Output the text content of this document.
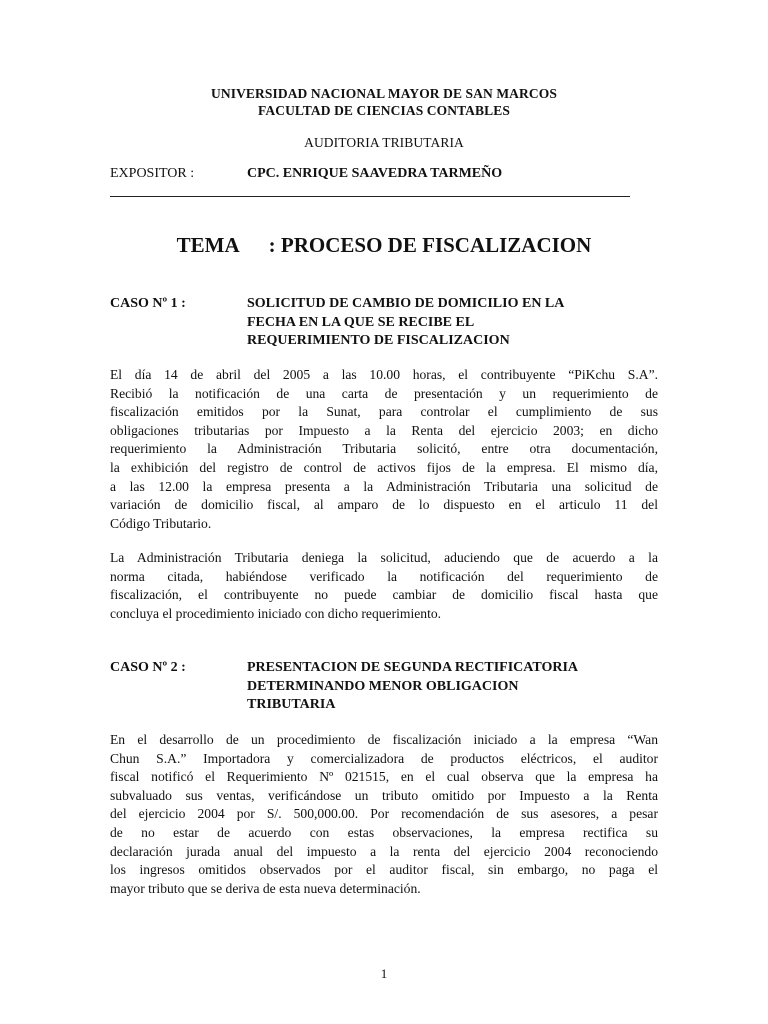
UNIVERSIDAD NACIONAL MAYOR DE SAN MARCOS
FACULTAD DE CIENCIAS CONTABLES
AUDITORIA TRIBUTARIA
EXPOSITOR :	CPC. ENRIQUE SAAVEDRA TARMEÑO
TEMA : PROCESO DE FISCALIZACION
CASO Nº 1 :	SOLICITUD DE CAMBIO DE DOMICILIO EN LA
FECHA EN LA QUE SE RECIBE EL
REQUERIMIENTO DE FISCALIZACION
El día 14 de abril del 2005 a las 10.00 horas, el contribuyente “PiKchu S.A”.
Recibió la notificación de una carta de presentación y un requerimiento de
fiscalización emitidos por la Sunat, para controlar el cumplimiento de sus
obligaciones tributarias por Impuesto a la Renta del ejercicio 2003; en dicho
requerimiento la Administración Tributaria solicitó, entre otra documentación,
la exhibición del registro de control de activos fijos de la empresa. El mismo día,
a las 12.00 la empresa presenta a la Administración Tributaria una solicitud de
variación de domicilio fiscal, al amparo de lo dispuesto en el articulo 11 del
Código Tributario.
La Administración Tributaria deniega la solicitud, aduciendo que de acuerdo a la
norma citada, habiéndose verificado la notificación del requerimiento de
fiscalización, el contribuyente no puede cambiar de domicilio fiscal hasta que
concluya el procedimiento iniciado con dicho requerimiento.
CASO Nº 2 :	PRESENTACION DE SEGUNDA RECTIFICATORIA
DETERMINANDO MENOR OBLIGACION
TRIBUTARIA
En el desarrollo de un procedimiento de fiscalización iniciado a la empresa “Wan
Chun S.A.” Importadora y comercializadora de productos eléctricos, el auditor
fiscal notificó el Requerimiento Nº 021515, en el cual observa que la empresa ha
subvaluado sus ventas, verificándose un tributo omitido por Impuesto a la Renta
del ejercicio 2004 por S/. 500,000.00. Por recomendación de sus asesores, a pesar
de no estar de acuerdo con estas observaciones, la empresa rectifica su
declaración jurada anual del impuesto a la renta del ejercicio 2004 reconociendo
los ingresos omitidos observados por el auditor fiscal, sin embargo, no paga el
mayor tributo que se deriva de esta nueva determinación.
1
